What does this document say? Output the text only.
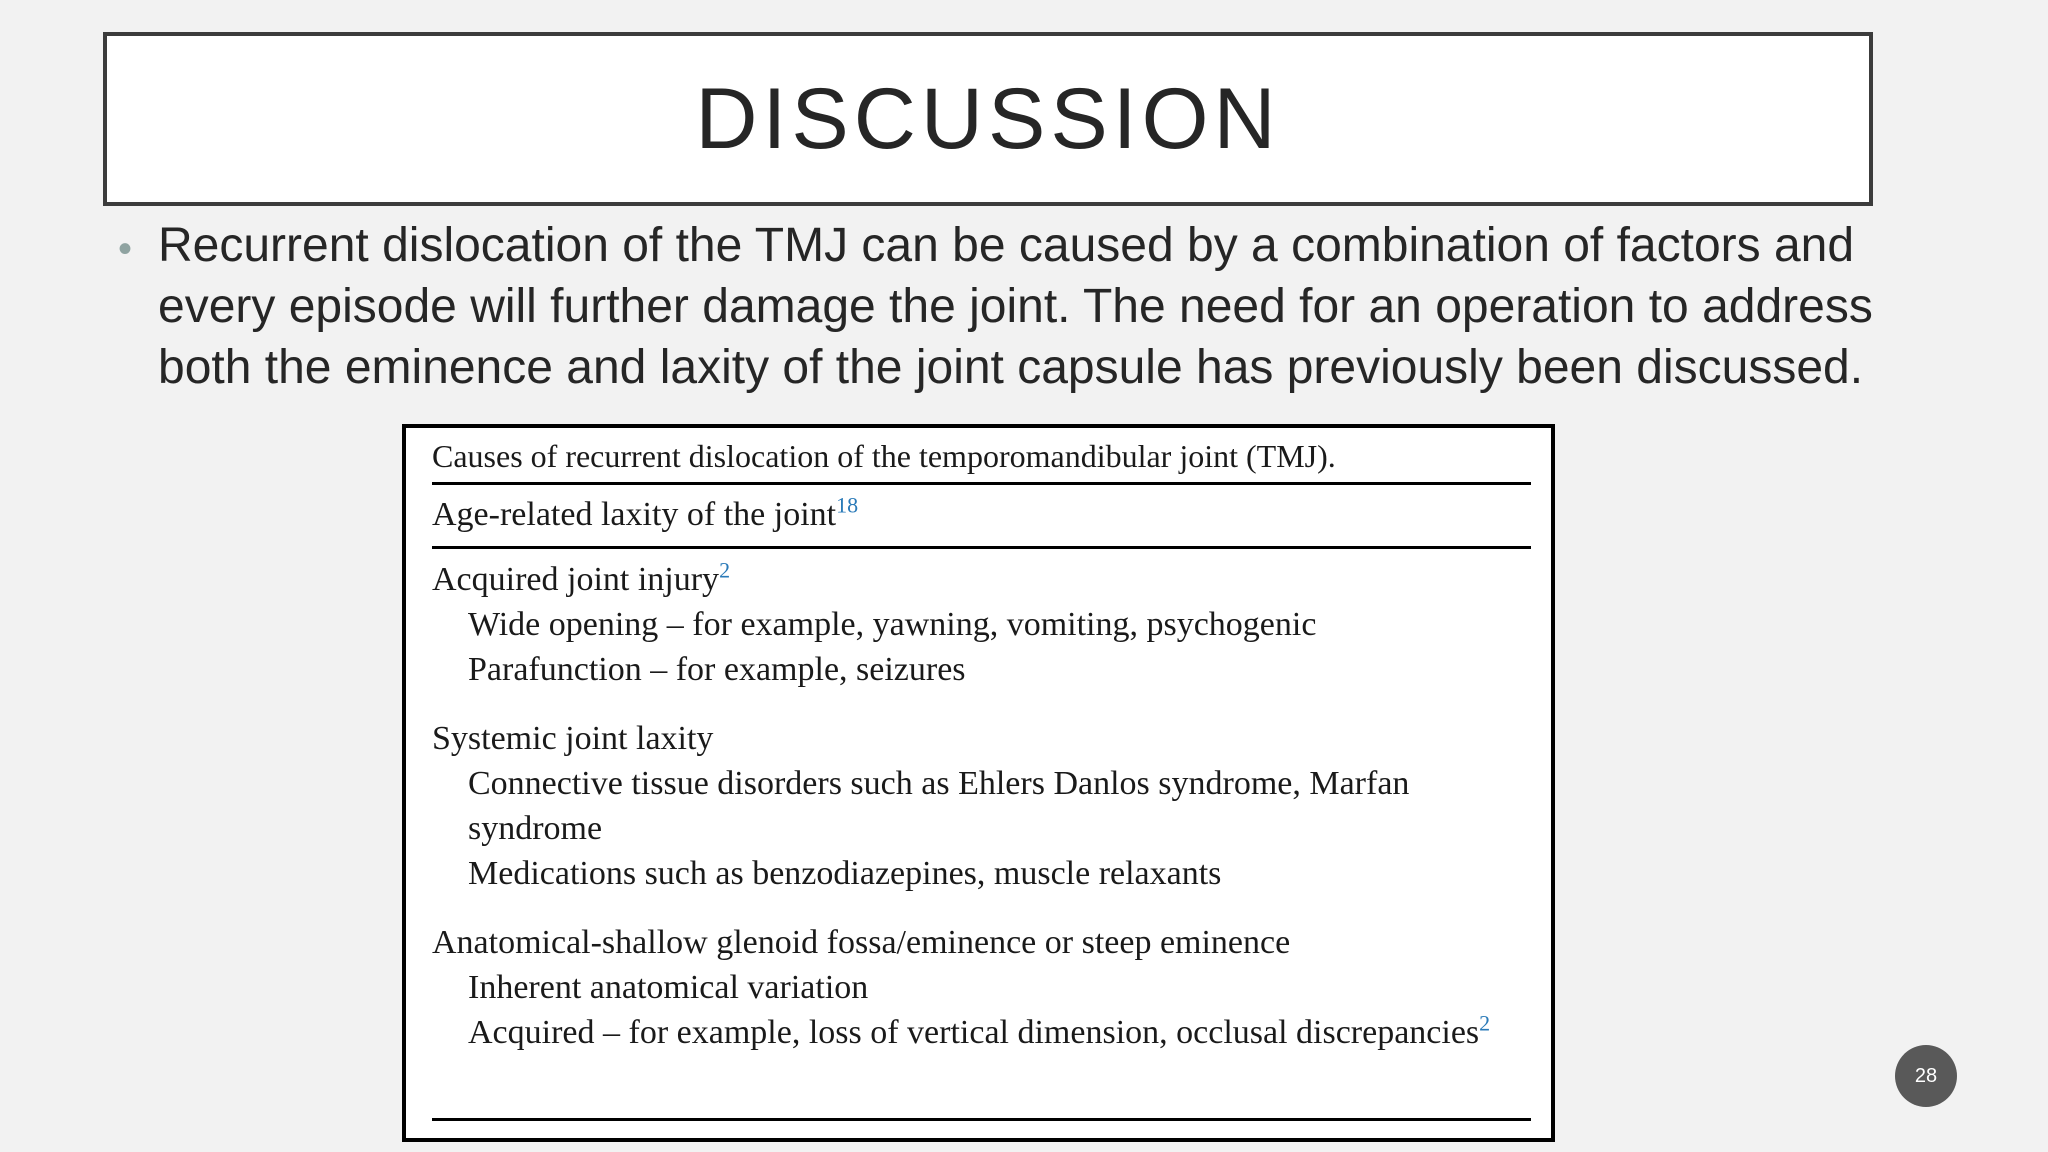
DISCUSSION
• Recurrent dislocation of the TMJ can be caused by a combination of factors and every episode will further damage the joint. The need for an operation to address both the eminence and laxity of the joint capsule has previously been discussed.
Causes of recurrent dislocation of the temporomandibular joint (TMJ).
Age-related laxity of the joint$^{18}$

Acquired joint injury$^2$

Wide opening – for example, yawning, vomiting, psychogenic

Parafunction – for example, seizures

Systemic joint laxity

Connective tissue disorders such as Ehlers Danlos syndrome, Marfan syndrome

Medications such as benzodiazepines, muscle relaxants

Anatomical-shallow glenoid fossa/eminence or steep eminence

Inherent anatomical variation

Acquired – for example, loss of vertical dimension, occlusal discrepancies$^2$

28
